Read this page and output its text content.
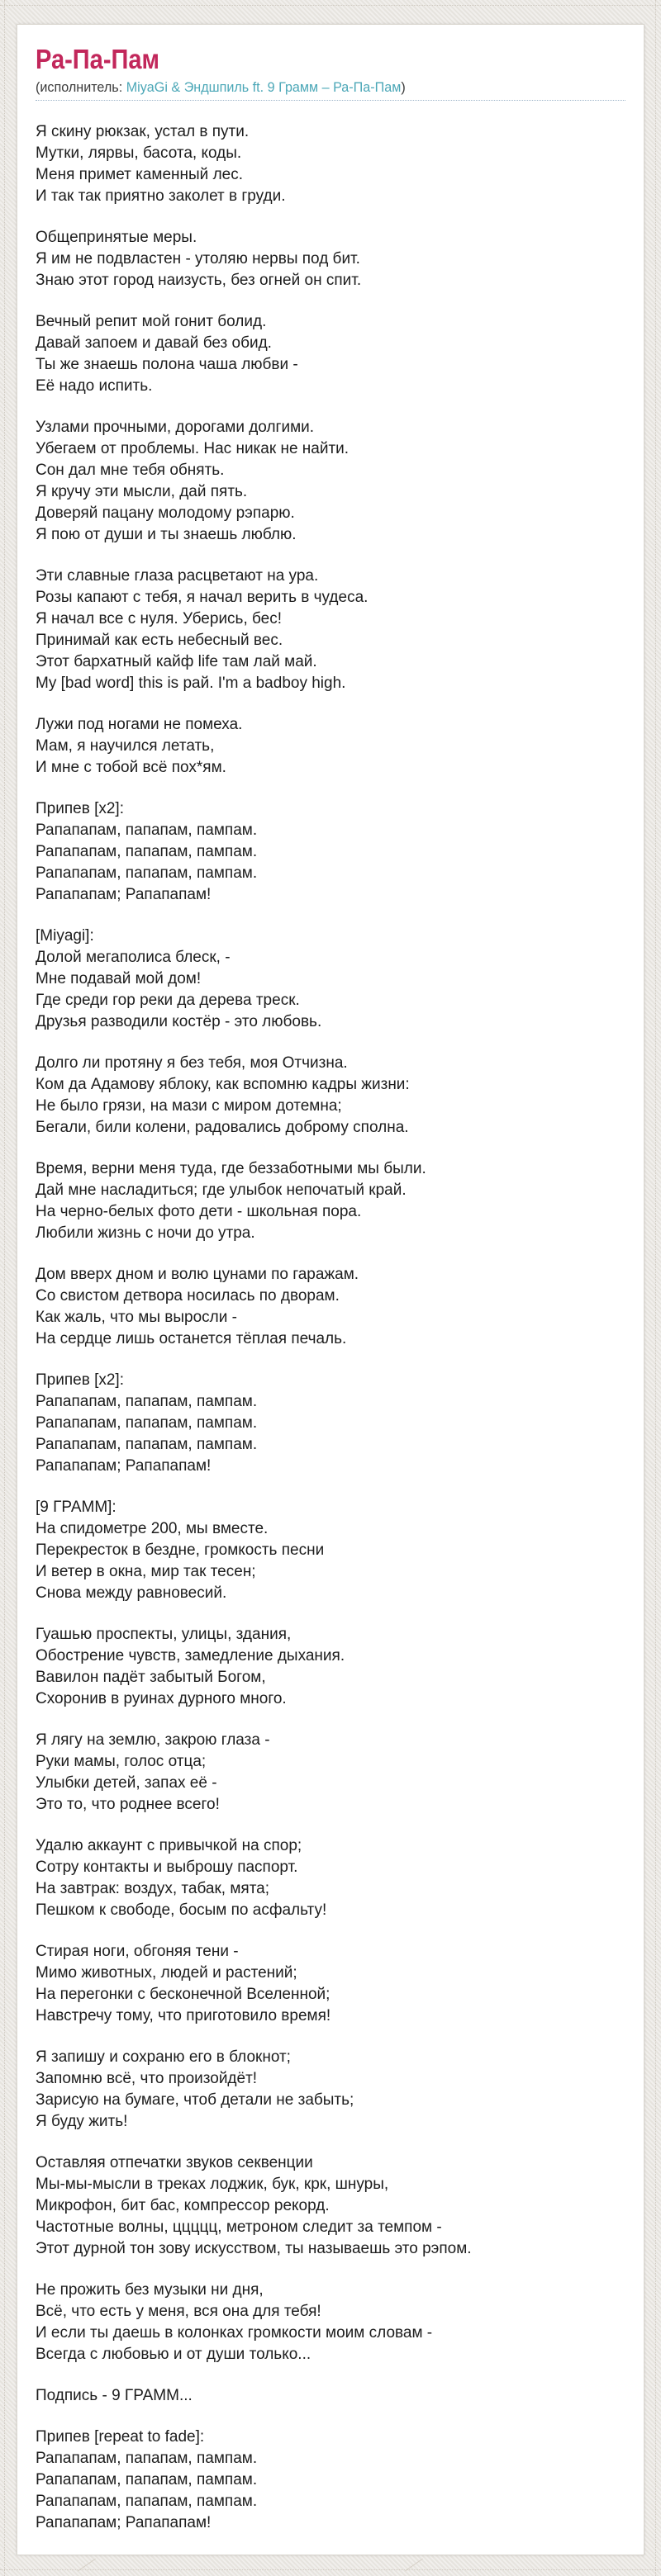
Ра-Па-Пам
(исполнитель: MiyaGi & Эндшпиль ft. 9 Грамм – Ра-Па-Пам)

Я скину рюкзак, устал в пути.
Мутки, лярвы, басота, коды.
Меня примет каменный лес.
И так так приятно заколет в груди.

Общепринятые меры.
Я им не подвластен - утоляю нервы под бит.
Знаю этот город наизусть, без огней он спит.

Вечный репит мой гонит болид.
Давай запоем и давай без обид.
Ты же знаешь полона чаша любви -
Её надо испить.

Узлами прочными, дорогами долгими.
Убегаем от проблемы. Нас никак не найти.
Сон дал мне тебя обнять.
Я кручу эти мысли, дай пять.
Доверяй пацану молодому рэпарю.
Я пою от души и ты знаешь люблю.

Эти славные глаза расцветают на ура.
Розы капают с тебя, я начал верить в чудеса.
Я начал все с нуля. Уберись, бес!
Принимай как есть небесный вес.
Этот бархатный кайф life там лай май.
My [bad word] this is рай. I'm a badboy high.

Лужи под ногами не помеха.
Мам, я научился летать,
И мне с тобой всё пох*ям.

Припев [x2]:
Рапапапам, папапам, пампам.
Рапапапам, папапам, пампам.
Рапапапам, папапам, пампам.
Рапапапам; Рапапапам!

[Miyagi]:
Долой мегаполиса блеск, -
Мне подавай мой дом!
Где среди гор реки да дерева треск.
Друзья разводили костёр - это любовь.

Долго ли протяну я без тебя, моя Отчизна.
Ком да Адамову яблоку, как вспомню кадры жизни:
Не было грязи, на мази с миром дотемна;
Бегали, били колени, радовались доброму сполна.

Время, верни меня туда, где беззаботными мы были.
Дай мне насладиться; где улыбок непочатый край.
На черно-белых фото дети - школьная пора.
Любили жизнь с ночи до утра.

Дом вверх дном и волю цунами по гаражам.
Со свистом детвора носилась по дворам.
Как жаль, что мы выросли -
На сердце лишь останется тёплая печаль.

Припев [x2]:
Рапапапам, папапам, пампам.
Рапапапам, папапам, пампам.
Рапапапам, папапам, пампам.
Рапапапам; Рапапапам!

[9 ГРАММ]:
На спидометре 200, мы вместе.
Перекресток в бездне, громкость песни
И ветер в окна, мир так тесен;
Снова между равновесий.

Гуашью проспекты, улицы, здания,
Обострение чувств, замедление дыхания.
Вавилон падёт забытый Богом,
Схоронив в руинах дурного много.

Я лягу на землю, закрою глаза -
Руки мамы, голос отца;
Улыбки детей, запах её -
Это то, что роднее всего!

Удалю аккаунт с привычкой на спор;
Сотру контакты и выброшу паспорт.
На завтрак: воздух, табак, мята;
Пешком к свободе, босым по асфальту!

Стирая ноги, обгоняя тени -
Мимо животных, людей и растений;
На перегонки с бесконечной Вселенной;
Навстречу тому, что приготовило время!

Я запишу и сохраню его в блокнот;
Запомню всё, что произойдёт!
Зарисую на бумаге, чтоб детали не забыть;
Я буду жить!

Оставляя отпечатки звуков секвенции
Мы-мы-мысли в треках лоджик, бук, крк, шнуры,
Микрофон, бит бас, компрессор рекорд.
Частотные волны, ццццц, метроном следит за темпом -
Этот дурной тон зову искусством, ты называешь это рэпом.

Не прожить без музыки ни дня,
Всё, что есть у меня, вся она для тебя!
И если ты даешь в колонках громкости моим словам -
Всегда с любовью и от души только...

Подпись - 9 ГРАММ...

Припев [repeat to fade]:
Рапапапам, папапам, пампам.
Рапапапам, папапам, пампам.
Рапапапам, папапам, пампам.
Рапапапам; Рапапапам!
